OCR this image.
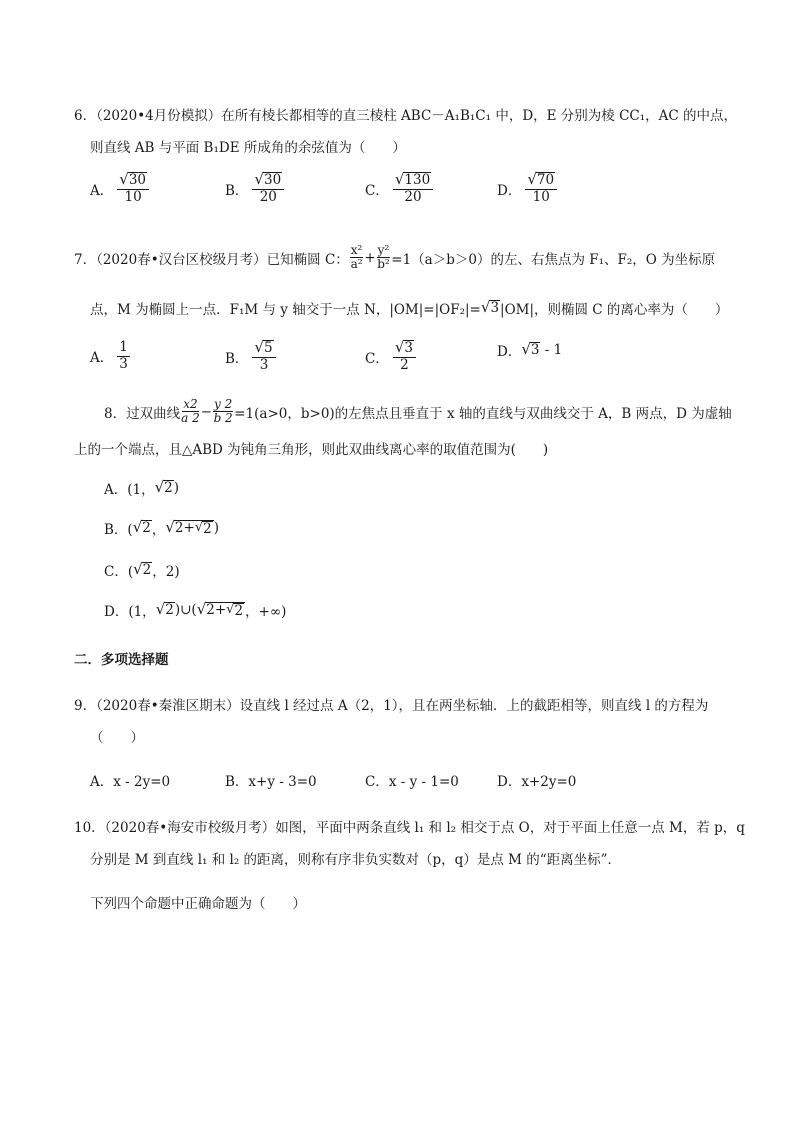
6．（2020•4月份模拟）在所有棱长都相等的直三棱柱 ABC－A₁B₁C₁ 中，D，E 分别为棱 CC₁，AC 的中点，
则直线 AB 与平面 B₁DE 所成角的余弦值为（　　）
A． $\frac{√ 30}{10}$	B． $\frac{√ 30}{20}$	C． $\frac{√ 130}{20}$	D． $\frac{√ 70}{10}$
7．（2020春•汉台区校级月考）已知椭圆 C： $\frac{\text{x²}}{\text{a²}} + \frac{\text{y²}}{\text{b²}} =1(a>b>0)$的左、右焦点为 F₁、F₂，O 为坐标原
点，M 为椭圆上一点．F₁M 与 y 轴交于一点 N，|OM|=|OF₂|= √ 3 |OM|，则椭圆 C 的离心率为（　　）
A． $\frac{1}{3}$	B． $\frac{√ 5}{3}$	C． $\frac{√ 3}{2}$	D． √ 3 - 1
8．过双曲线 $\frac{x2}{a 2} - \frac{y 2}{b 2} =1(a>0$，b>0)的左焦点且垂直于 x 轴的直线与双曲线交于 A，B 两点，D 为虚轴
上的一个端点，且△ABD 为钝角三角形，则此双曲线离心率的取值范围为(　　)
A．(1， √ 2 )
B．( √ 2 ， √ 2+ √ 2 )
C．( √ 2 ，2)
D．(1， √ 2 )∪( √ 2+ √ 2 ，+∞)
二．多项选择题
9．（2020春•秦淮区期末）设直线 l 经过点 A（2，1），且在两坐标轴．上的截距相等，则直线 l 的方程为
（　　）
A．x - 2y=0	B．x+y - 3=0	C．x - y - 1=0	D．x+2y=0
10．（2020春•海安市校级月考）如图，平面中两条直线 l₁ 和 l₂ 相交于点 O，对于平面上任意一点 M，若 p，q
分别是 M 到直线 l₁ 和 l₂ 的距离，则称有序非负实数对（p，q）是点 M 的“距离坐标”．
下列四个命题中正确命题为（　　）
